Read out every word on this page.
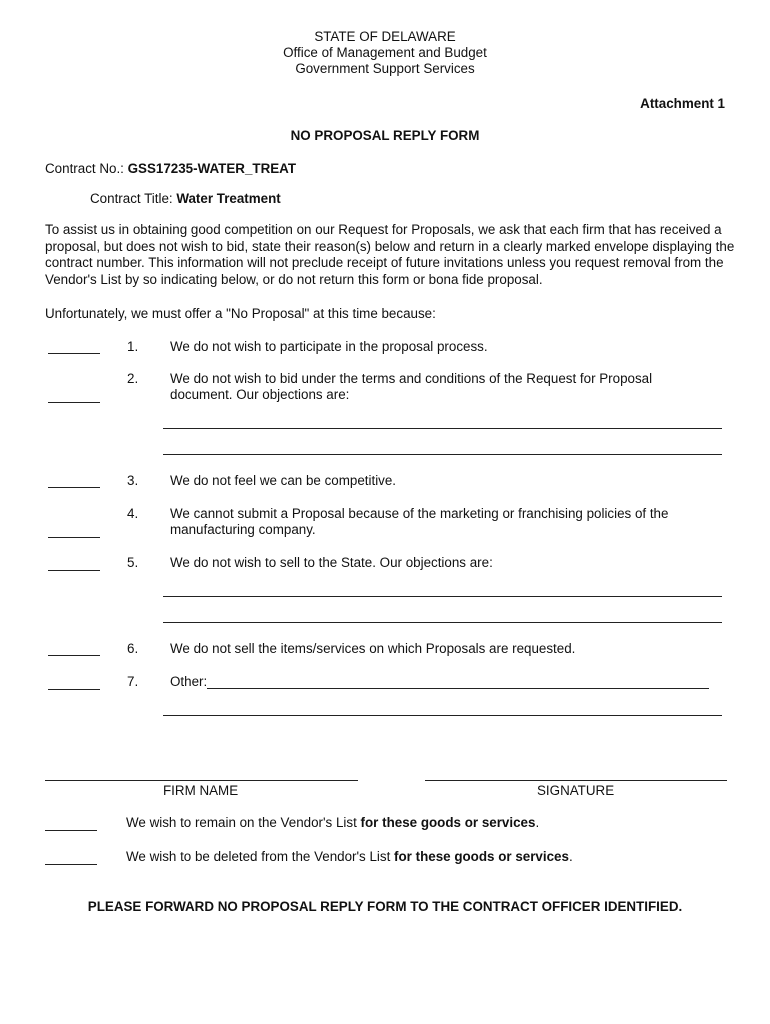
STATE OF DELAWARE
Office of Management and Budget
Government Support Services
Attachment 1
NO PROPOSAL REPLY FORM
Contract No.: GSS17235-WATER_TREAT
Contract Title: Water Treatment
To assist us in obtaining good competition on our Request for Proposals, we ask that each firm that has received a proposal, but does not wish to bid, state their reason(s) below and return in a clearly marked envelope displaying the contract number. This information will not preclude receipt of future invitations unless you request removal from the Vendor's List by so indicating below, or do not return this form or bona fide proposal.
Unfortunately, we must offer a "No Proposal" at this time because:
1. We do not wish to participate in the proposal process.
2. We do not wish to bid under the terms and conditions of the Request for Proposal
document. Our objections are:
3. We do not feel we can be competitive.
4. We cannot submit a Proposal because of the marketing or franchising policies of the
manufacturing company.
5. We do not wish to sell to the State. Our objections are:
6. We do not sell the items/services on which Proposals are requested.
7. Other:
FIRM NAME	SIGNATURE
We wish to remain on the Vendor's List for these goods or services.
We wish to be deleted from the Vendor's List for these goods or services.
PLEASE FORWARD NO PROPOSAL REPLY FORM TO THE CONTRACT OFFICER IDENTIFIED.
